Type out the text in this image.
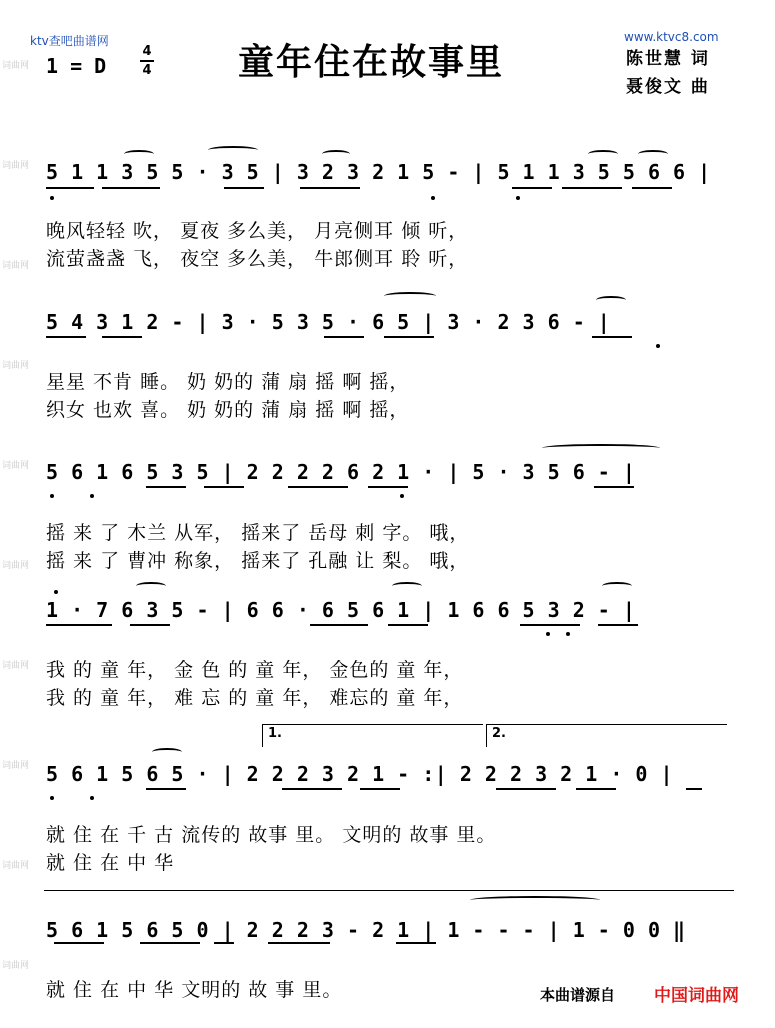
ktv查吧曲谱网	www.ktvc8.com
1 = D
4
4 童年住在故事里	陈世慧 词
聂俊文 曲
词曲网
词曲网
词曲网
词曲网
词曲网
词曲网
词曲网
词曲网
词曲网
词曲网
5 1 1 3 5 5 · 3 5 | 3 2 3 2 1 5 - | 5 1 1 3 5 5 6 6 |
晚风轻轻 吹， 夏夜 多么美， 月亮侧耳 倾 听，
流萤盏盏 飞， 夜空 多么美， 牛郎侧耳 聆 听，
5 4 3 1 2 - | 3 · 5 3 5 · 6 5 | 3 · 2 3 6 - |
星星 不肯 睡。 奶 奶的 蒲 扇 摇 啊 摇，
织女 也欢 喜。 奶 奶的 蒲 扇 摇 啊 摇，
5 6 1 6 5 3 5 | 2 2 2 2 6 2 1 · | 5 · 3 5 6 - |
摇 来 了 木兰 从军， 摇来了 岳母 刺 字。 哦，
摇 来 了 曹冲 称象， 摇来了 孔融 让 梨。 哦，
1 · 7 6 3 5 - | 6 6 · 6 5 6 1 | 1 6 6 5 3 2 - |
我 的 童 年， 金 色 的 童 年， 金色的 童 年，
我 的 童 年， 难 忘 的 童 年， 难忘的 童 年，
1.	2.
5 6 1 5 6 5 · | 2 2 2 3 2 1 - :| 2 2 2 3 2 1 · 0 |
就 住 在 千 古 流传的 故事 里。 文明的 故事 里。
就 住 在 中 华
5 6 1 5 6 5 0 | 2 2 2 3 - 2 1 | 1 - - - | 1 - 0 0 ‖
就 住 在 中 华 文明的 故 事 里。	本曲谱源自 中国词曲网
